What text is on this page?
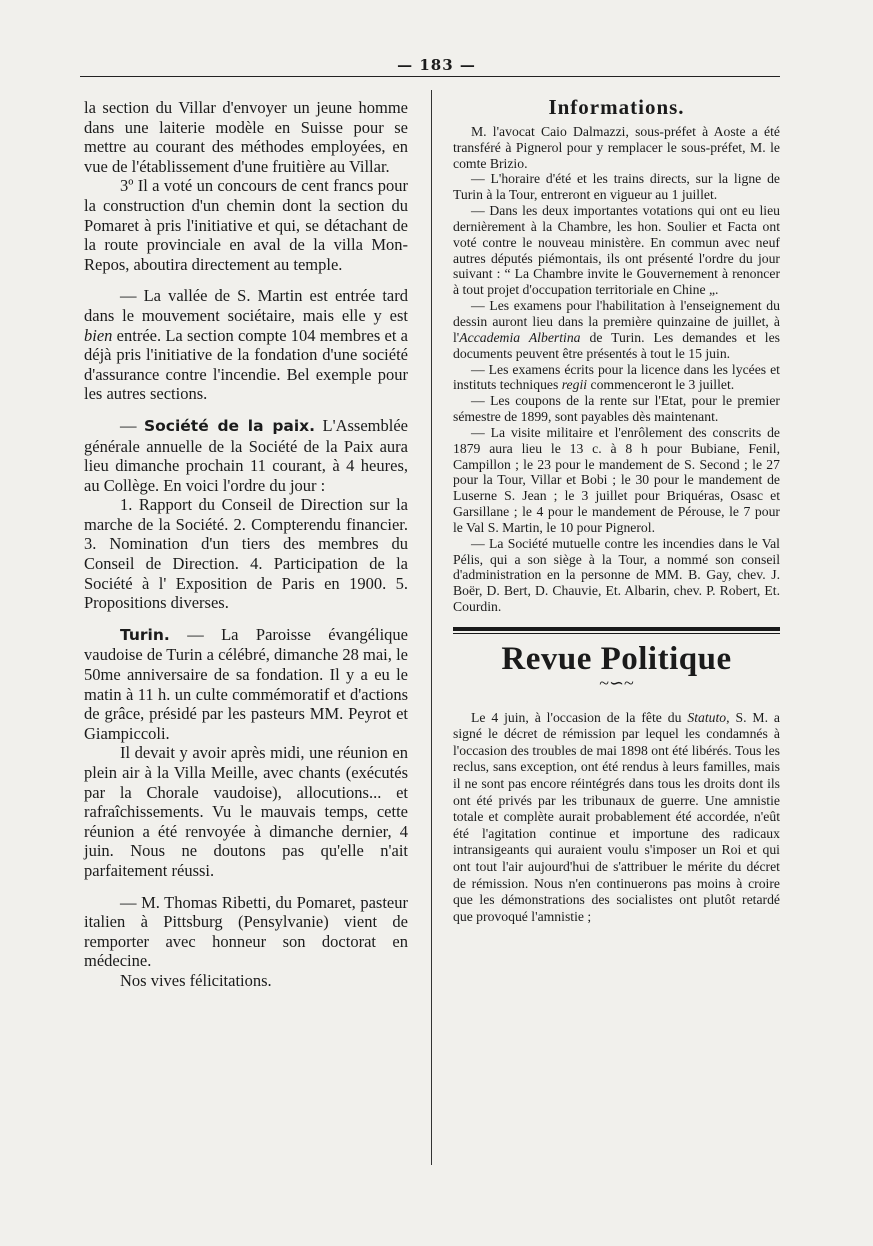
— 183 —

la section du Villar d'envoyer un jeune homme dans une laiterie modèle en Suisse pour se mettre au courant des méthodes employées, en vue de l'établissement d'une fruitière au Villar.

3º Il a voté un concours de cent francs pour la construction d'un chemin dont la section du Pomaret à pris l'initiative et qui, se détachant de la route provinciale en aval de la villa Mon-Repos, aboutira directement au temple.

— La vallée de S. Martin est entrée tard dans le mouvement sociétaire, mais elle y est bien entrée. La section compte 104 membres et a déjà pris l'initiative de la fondation d'une société d'assurance contre l'incendie. Bel exemple pour les autres sections.

— Société de la paix. L'Assemblée générale annuelle de la Société de la Paix aura lieu dimanche prochain 11 courant, à 4 heures, au Collège. En voici l'ordre du jour :

1. Rapport du Conseil de Direction sur la marche de la Société. 2. Compterendu financier. 3. Nomination d'un tiers des membres du Conseil de Direction. 4. Participation de la Société à l' Exposition de Paris en 1900. 5. Propositions diverses.

Turin. — La Paroisse évangélique vaudoise de Turin a célébré, dimanche 28 mai, le 50me anniversaire de sa fondation. Il y a eu le matin à 11 h. un culte commémoratif et d'actions de grâce, présidé par les pasteurs MM. Peyrot et Giampiccoli.

Il devait y avoir après midi, une réunion en plein air à la Villa Meille, avec chants (exécutés par la Chorale vaudoise), allocutions... et rafraîchissements. Vu le mauvais temps, cette réunion a été renvoyée à dimanche dernier, 4 juin. Nous ne doutons pas qu'elle n'ait parfaitement réussi.

— M. Thomas Ribetti, du Pomaret, pasteur italien à Pittsburg (Pensylvanie) vient de remporter avec honneur son doctorat en médecine.

Nos vives félicitations.

Informations.

M. l'avocat Caio Dalmazzi, sous-préfet à Aoste a été transféré à Pignerol pour y remplacer le sous-préfet, M. le comte Brizio.

— L'horaire d'été et les trains directs, sur la ligne de Turin à la Tour, entreront en vigueur au 1 juillet.

— Dans les deux importantes votations qui ont eu lieu dernièrement à la Chambre, les hon. Soulier et Facta ont voté contre le nouveau ministère. En commun avec neuf autres députés piémontais, ils ont présenté l'ordre du jour suivant : “ La Chambre invite le Gouvernement à renoncer à tout projet d'occupation territoriale en Chine „.

— Les examens pour l'habilitation à l'enseignement du dessin auront lieu dans la première quinzaine de juillet, à l'Accademia Albertina de Turin. Les demandes et les documents peuvent être présentés à tout le 15 juin.

— Les examens écrits pour la licence dans les lycées et instituts techniques regii commenceront le 3 juillet.

— Les coupons de la rente sur l'Etat, pour le premier sémestre de 1899, sont payables dès maintenant.

— La visite militaire et l'enrôlement des conscrits de 1879 aura lieu le 13 c. à 8 h pour Bubiane, Fenil, Campillon ; le 23 pour le mandement de S. Second ; le 27 pour la Tour, Villar et Bobi ; le 30 pour le mandement de Luserne S. Jean ; le 3 juillet pour Briquéras, Osasc et Garsillane ; le 4 pour le mandement de Pérouse, le 7 pour le Val S. Martin, le 10 pour Pignerol.

— La Société mutuelle contre les incendies dans le Val Pélis, qui a son siège à la Tour, a nommé son conseil d'administration en la personne de MM. B. Gay, chev. J. Boër, D. Bert, D. Chauvie, Et. Albarin, chev. P. Robert, Et. Courdin.

Revue Politique
~∽~

Le 4 juin, à l'occasion de la fête du Statuto, S. M. a signé le décret de rémission par lequel les condamnés à l'occasion des troubles de mai 1898 ont été libérés. Tous les reclus, sans exception, ont été rendus à leurs familles, mais il ne sont pas encore réintégrés dans tous les droits dont ils ont été privés par les tribunaux de guerre. Une amnistie totale et complète aurait probablement été accordée, n'eût été l'agitation continue et importune des radicaux intransigeants qui auraient voulu s'imposer un Roi et qui ont tout l'air aujourd'hui de s'attribuer le mérite du décret de rémission. Nous n'en continuerons pas moins à croire que les démonstrations des socialistes ont plutôt retardé que provoqué l'amnistie ;
